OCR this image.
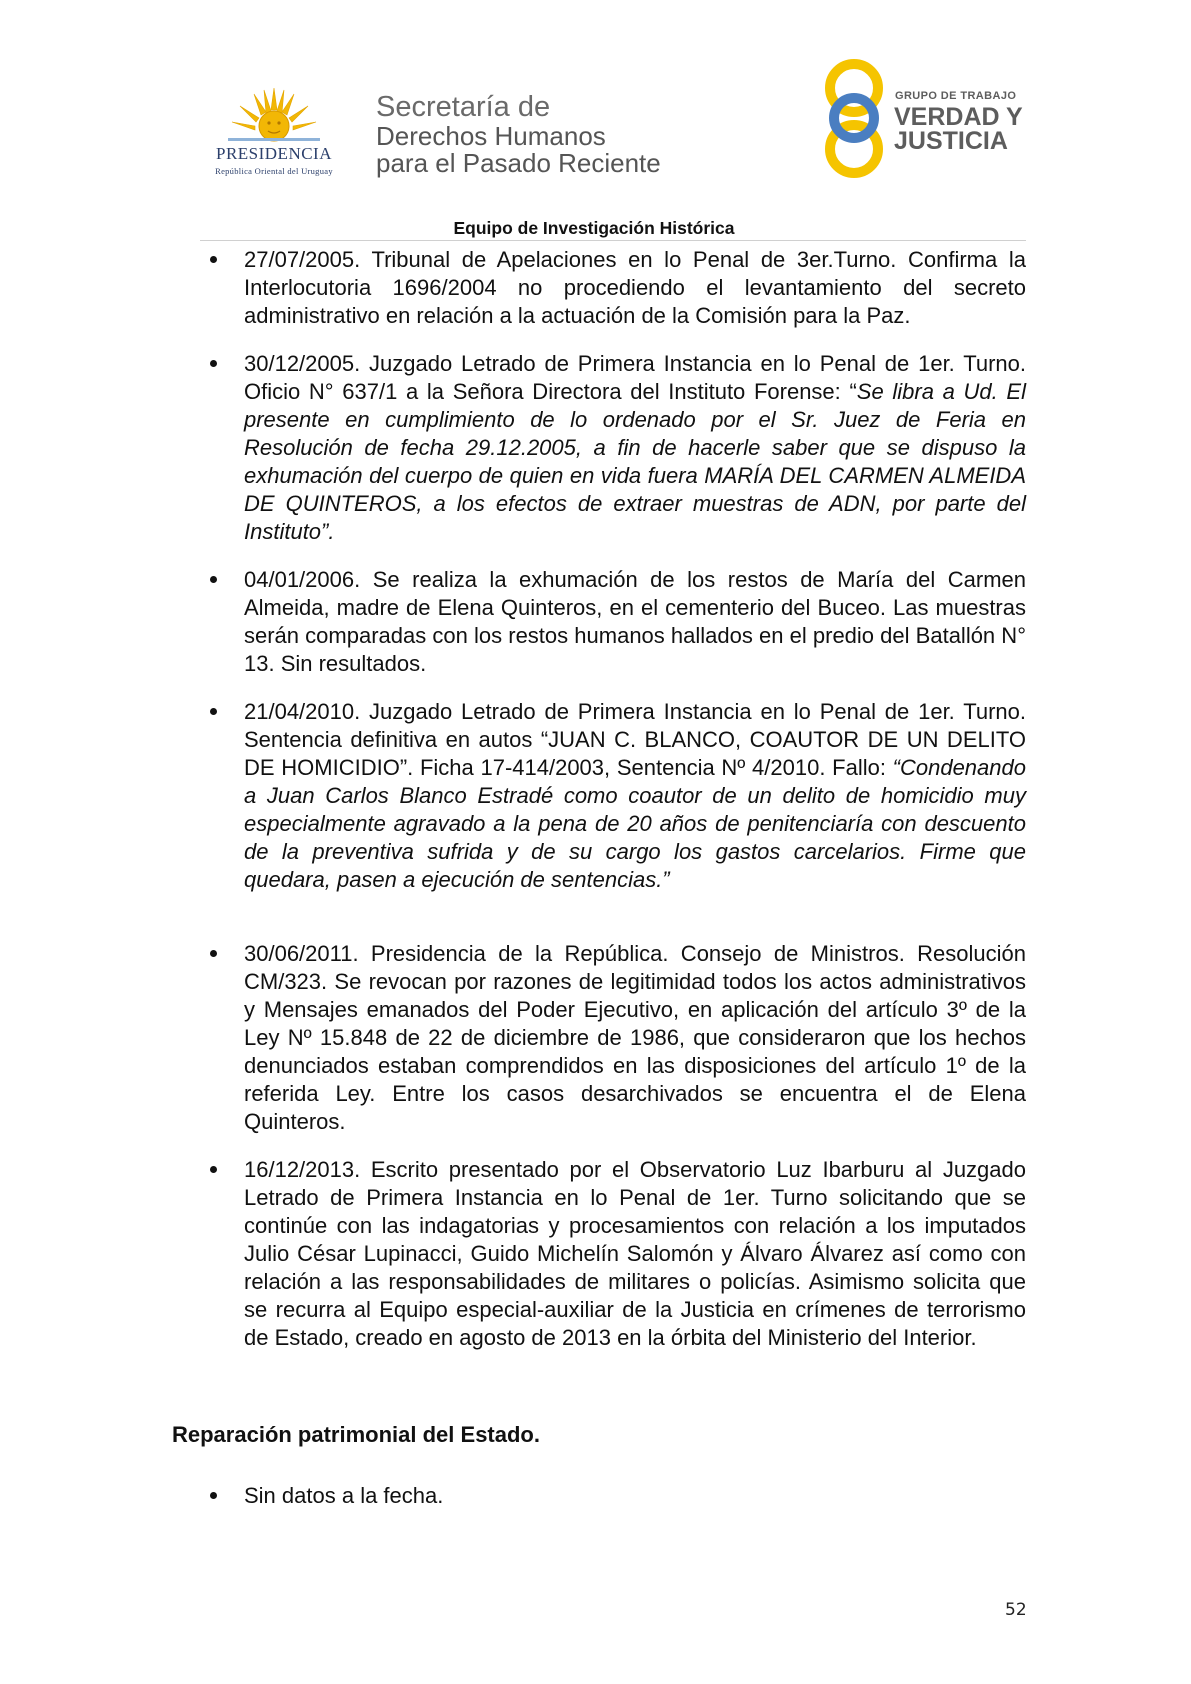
PRESIDENCIA
República Oriental del Uruguay
Secretaría de
Derechos Humanos
para el Pasado Reciente
GRUPO DE TRABAJO
VERDAD Y
JUSTICIA
Equipo de Investigación Histórica
27/07/2005. Tribunal de Apelaciones en lo Penal de 3er.Turno. Confirma la Interlocutoria 1696/2004 no procediendo el levantamiento del secreto administrativo en relación a la actuación de la Comisión para la Paz.
30/12/2005. Juzgado Letrado de Primera Instancia en lo Penal de 1er. Turno. Oficio N° 637/1 a la Señora Directora del Instituto Forense: “Se libra a Ud. El presente en cumplimiento de lo ordenado por el Sr. Juez de Feria en Resolución de fecha 29.12.2005, a fin de hacerle saber que se dispuso la exhumación del cuerpo de quien en vida fuera MARÍA DEL CARMEN ALMEIDA DE QUINTEROS, a los efectos de extraer muestras de ADN, por parte del Instituto”.
04/01/2006. Se realiza la exhumación de los restos de María del Carmen Almeida, madre de Elena Quinteros, en el cementerio del Buceo. Las muestras serán comparadas con los restos humanos hallados en el predio del Batallón N° 13. Sin resultados.
21/04/2010. Juzgado Letrado de Primera Instancia en lo Penal de 1er. Turno. Sentencia definitiva en autos “JUAN C. BLANCO, COAUTOR DE UN DELITO DE HOMICIDIO”. Ficha 17-414/2003, Sentencia Nº 4/2010. Fallo: “Condenando a Juan Carlos Blanco Estradé como coautor de un delito de homicidio muy especialmente agravado a la pena de 20 años de penitenciaría con descuento de la preventiva sufrida y de su cargo los gastos carcelarios. Firme que quedara, pasen a ejecución de sentencias.”
30/06/2011. Presidencia de la República. Consejo de Ministros. Resolución CM/323. Se revocan por razones de legitimidad todos los actos administrativos y Mensajes emanados del Poder Ejecutivo, en aplicación del artículo 3º de la Ley Nº 15.848 de 22 de diciembre de 1986, que consideraron que los hechos denunciados estaban comprendidos en las disposiciones del artículo 1º de la referida Ley. Entre los casos desarchivados se encuentra el de Elena Quinteros.
16/12/2013. Escrito presentado por el Observatorio Luz Ibarburu al Juzgado Letrado de Primera Instancia en lo Penal de 1er. Turno solicitando que se continúe con las indagatorias y procesamientos con relación a los imputados Julio César Lupinacci, Guido Michelín Salomón y Álvaro Álvarez así como con relación a las responsabilidades de militares o policías. Asimismo solicita que se recurra al Equipo especial-auxiliar de la Justicia en crímenes de terrorismo de Estado, creado en agosto de 2013 en la órbita del Ministerio del Interior.
Reparación patrimonial del Estado.
Sin datos a la fecha.
52
